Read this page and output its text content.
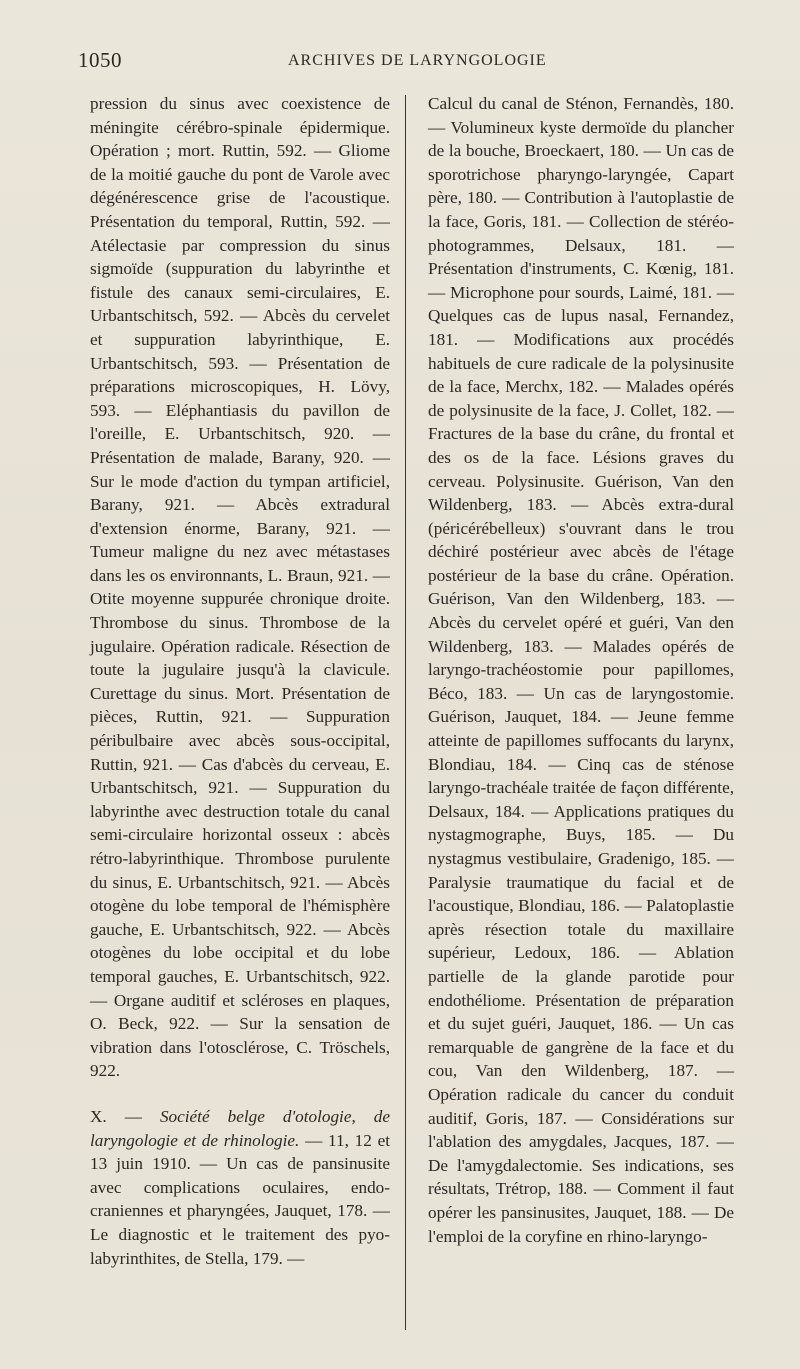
1050	ARCHIVES DE LARYNGOLOGIE

pression du sinus avec coexistence de méningite cérébro-spinale épidermique. Opération ; mort. Ruttin, 592. — Gliome de la moitié gauche du pont de Varole avec dégénérescence grise de l'acoustique. Présentation du temporal, Ruttin, 592. — Atélectasie par compression du sinus sigmoïde (suppuration du labyrinthe et fistule des canaux semi-circulaires, E. Urbantschitsch, 592. — Abcès du cervelet et suppuration labyrinthique, E. Urbantschitsch, 593. — Présentation de préparations microscopiques, H. Lövy, 593. — Eléphantiasis du pavillon de l'oreille, E. Urbantschitsch, 920. — Présentation de malade, Barany, 920. — Sur le mode d'action du tympan artificiel, Barany, 921. — Abcès extradural d'extension énorme, Barany, 921. — Tumeur maligne du nez avec métastases dans les os environnants, L. Braun, 921. — Otite moyenne suppurée chronique droite. Thrombose du sinus. Thrombose de la jugulaire. Opération radicale. Résection de toute la jugulaire jusqu'à la clavicule. Curettage du sinus. Mort. Présentation de pièces, Ruttin, 921. — Suppuration péribulbaire avec abcès sous-occipital, Ruttin, 921. — Cas d'abcès du cerveau, E. Urbantschitsch, 921. — Suppuration du labyrinthe avec destruction totale du canal semi-circulaire horizontal osseux : abcès rétro-labyrinthique. Thrombose purulente du sinus, E. Urbantschitsch, 921. — Abcès otogène du lobe temporal de l'hémisphère gauche, E. Urbantschitsch, 922. — Abcès otogènes du lobe occipital et du lobe temporal gauches, E. Urbantschitsch, 922. — Organe auditif et scléroses en plaques, O. Beck, 922. — Sur la sensation de vibration dans l'otosclérose, C. Tröschels, 922.

X. — Société belge d'otologie, de laryngologie et de rhinologie. — 11, 12 et 13 juin 1910. — Un cas de pansinusite avec complications oculaires, endo-craniennes et pharyngées, Jauquet, 178. — Le diagnostic et le traitement des pyo-labyrinthites, de Stella, 179. —

Calcul du canal de Sténon, Fernandès, 180. — Volumineux kyste dermoïde du plancher de la bouche, Broeckaert, 180. — Un cas de sporotrichose pharyngo-laryngée, Capart père, 180. — Contribution à l'autoplastie de la face, Goris, 181. — Collection de stéréo-photogrammes, Delsaux, 181. — Présentation d'instruments, C. Kœnig, 181. — Microphone pour sourds, Laimé, 181. — Quelques cas de lupus nasal, Fernandez, 181. — Modifications aux procédés habituels de cure radicale de la polysinusite de la face, Merchx, 182. — Malades opérés de polysinusite de la face, J. Collet, 182. — Fractures de la base du crâne, du frontal et des os de la face. Lésions graves du cerveau. Polysinusite. Guérison, Van den Wildenberg, 183. — Abcès extra-dural (péricérébelleux) s'ouvrant dans le trou déchiré postérieur avec abcès de l'étage postérieur de la base du crâne. Opération. Guérison, Van den Wildenberg, 183. — Abcès du cervelet opéré et guéri, Van den Wildenberg, 183. — Malades opérés de laryngo-trachéostomie pour papillomes, Béco, 183. — Un cas de laryngostomie. Guérison, Jauquet, 184. — Jeune femme atteinte de papillomes suffocants du larynx, Blondiau, 184. — Cinq cas de sténose laryngo-trachéale traitée de façon différente, Delsaux, 184. — Applications pratiques du nystagmographe, Buys, 185. — Du nystagmus vestibulaire, Gradenigo, 185. — Paralysie traumatique du facial et de l'acoustique, Blondiau, 186. — Palatoplastie après résection totale du maxillaire supérieur, Ledoux, 186. — Ablation partielle de la glande parotide pour endothéliome. Présentation de préparation et du sujet guéri, Jauquet, 186. — Un cas remarquable de gangrène de la face et du cou, Van den Wildenberg, 187. — Opération radicale du cancer du conduit auditif, Goris, 187. — Considérations sur l'ablation des amygdales, Jacques, 187. — De l'amygdalectomie. Ses indications, ses résultats, Trétrop, 188. — Comment il faut opérer les pansinusites, Jauquet, 188. — De l'emploi de la coryfine en rhino-laryngo-
